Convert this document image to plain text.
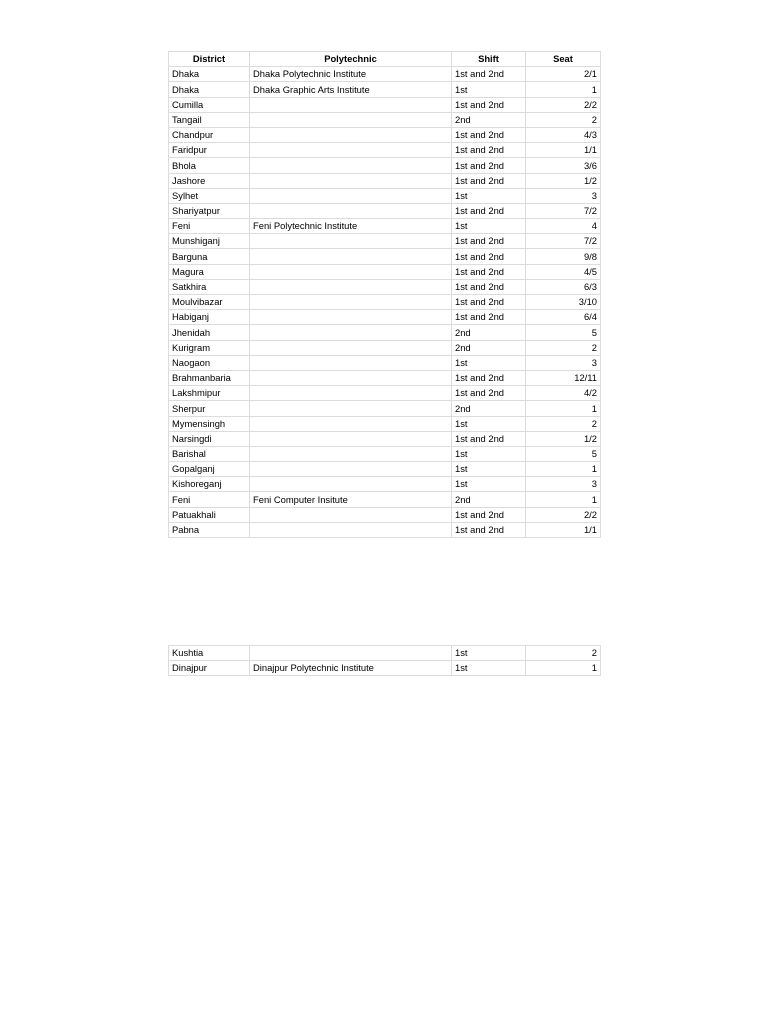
District	Polytechnic	Shift	Seat
Dhaka	Dhaka Polytechnic Institute	1st and 2nd	2/1
Dhaka	Dhaka Graphic Arts Institute	1st	1
Cumilla		1st and 2nd	2/2
Tangail		2nd	2
Chandpur		1st and 2nd	4/3
Faridpur		1st and 2nd	1/1
Bhola		1st and 2nd	3/6
Jashore		1st and 2nd	1/2
Sylhet		1st	3
Shariyatpur		1st and 2nd	7/2
Feni	Feni Polytechnic Institute	1st	4
Munshiganj		1st and 2nd	7/2
Barguna		1st and 2nd	9/8
Magura		1st and 2nd	4/5
Satkhira		1st and 2nd	6/3
Moulvibazar		1st and 2nd	3/10
Habiganj		1st and 2nd	6/4
Jhenidah		2nd	5
Kurigram		2nd	2
Naogaon		1st	3
Brahmanbaria		1st and 2nd	12/11
Lakshmipur		1st and 2nd	4/2
Sherpur		2nd	1
Mymensingh		1st	2
Narsingdi		1st and 2nd	1/2
Barishal		1st	5
Gopalganj		1st	1
Kishoreganj		1st	3
Feni	Feni Computer Insitute	2nd	1
Patuakhali		1st and 2nd	2/2
Pabna		1st and 2nd	1/1
Kushtia		1st	2
Dinajpur	Dinajpur Polytechnic Institute	1st	1
